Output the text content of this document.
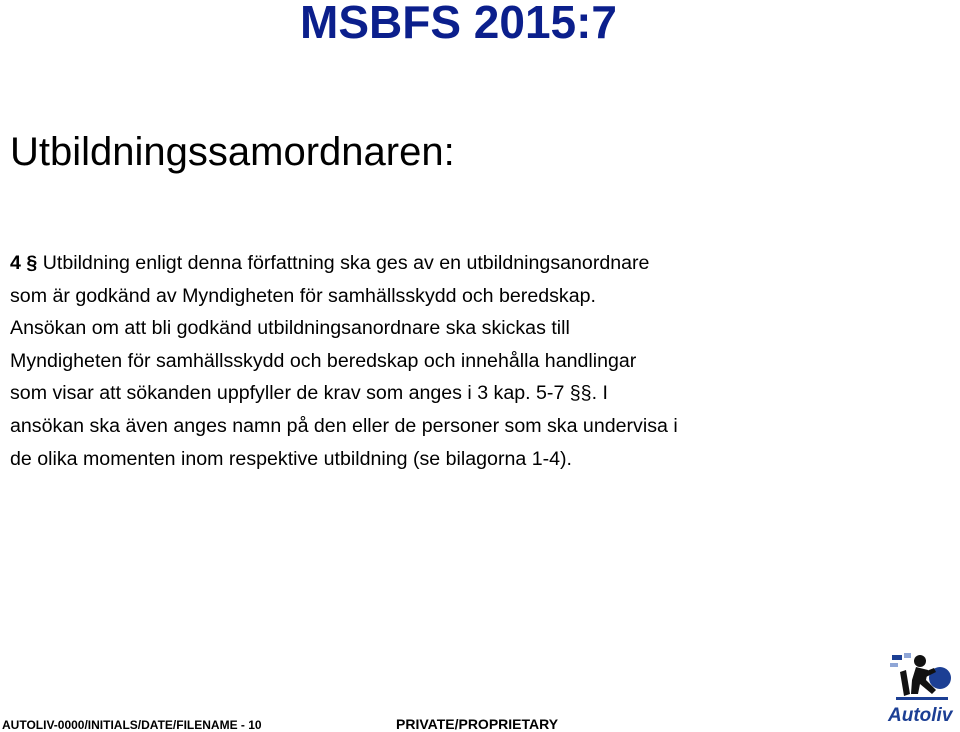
MSBFS 2015:7
Utbildningssamordnaren:
4 § Utbildning enligt denna författning ska ges av en utbildningsanordnare
som är godkänd av Myndigheten för samhällsskydd och beredskap.
Ansökan om att bli godkänd utbildningsanordnare ska skickas till
Myndigheten för samhällsskydd och beredskap och innehålla handlingar
som visar att sökanden uppfyller de krav som anges i 3 kap. 5-7 §§. I
ansökan ska även anges namn på den eller de personer som ska undervisa i
de olika momenten inom respektive utbildning (se bilagorna 1-4).
AUTOLIV-0000/INITIALS/DATE/FILENAME - 10	PRIVATE/PROPRIETARY	Autoliv
